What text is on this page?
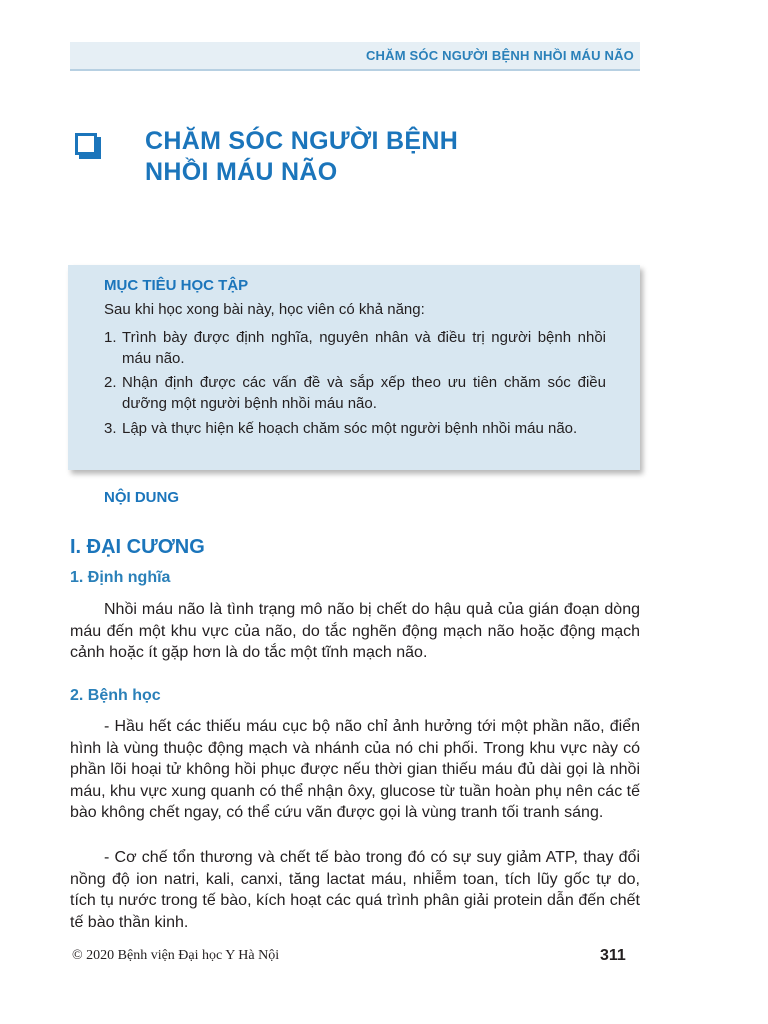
CHĂM SÓC NGƯỜI BỆNH NHỒI MÁU NÃO
CHĂM SÓC NGƯỜI BỆNH
NHỒI MÁU NÃO
MỤC TIÊU HỌC TẬP
Sau khi học xong bài này, học viên có khả năng:
1. Trình bày được định nghĩa, nguyên nhân và điều trị người bệnh nhồi máu não.
2. Nhận định được các vấn đề và sắp xếp theo ưu tiên chăm sóc điều dưỡng một người bệnh nhồi máu não.
3. Lập và thực hiện kế hoạch chăm sóc một người bệnh nhồi máu não.
NỘI DUNG
I. ĐẠI CƯƠNG
1. Định nghĩa
Nhồi máu não là tình trạng mô não bị chết do hậu quả của gián đoạn dòng máu đến một khu vực của não, do tắc nghẽn động mạch não hoặc động mạch cảnh hoặc ít gặp hơn là do tắc một tĩnh mạch não.
2. Bệnh học
- Hầu hết các thiếu máu cục bộ não chỉ ảnh hưởng tới một phần não, điển hình là vùng thuộc động mạch và nhánh của nó chi phối. Trong khu vực này có phần lõi hoại tử không hồi phục được nếu thời gian thiếu máu đủ dài gọi là nhồi máu, khu vực xung quanh có thể nhận ôxy, glucose từ tuần hoàn phụ nên các tế bào không chết ngay, có thể cứu vãn được gọi là vùng tranh tối tranh sáng.
- Cơ chế tổn thương và chết tế bào trong đó có sự suy giảm ATP, thay đổi nồng độ ion natri, kali, canxi, tăng lactat máu, nhiễm toan, tích lũy gốc tự do, tích tụ nước trong tế bào, kích hoạt các quá trình phân giải protein dẫn đến chết tế bào thần kinh.
© 2020 Bệnh viện Đại học Y Hà Nội	311
